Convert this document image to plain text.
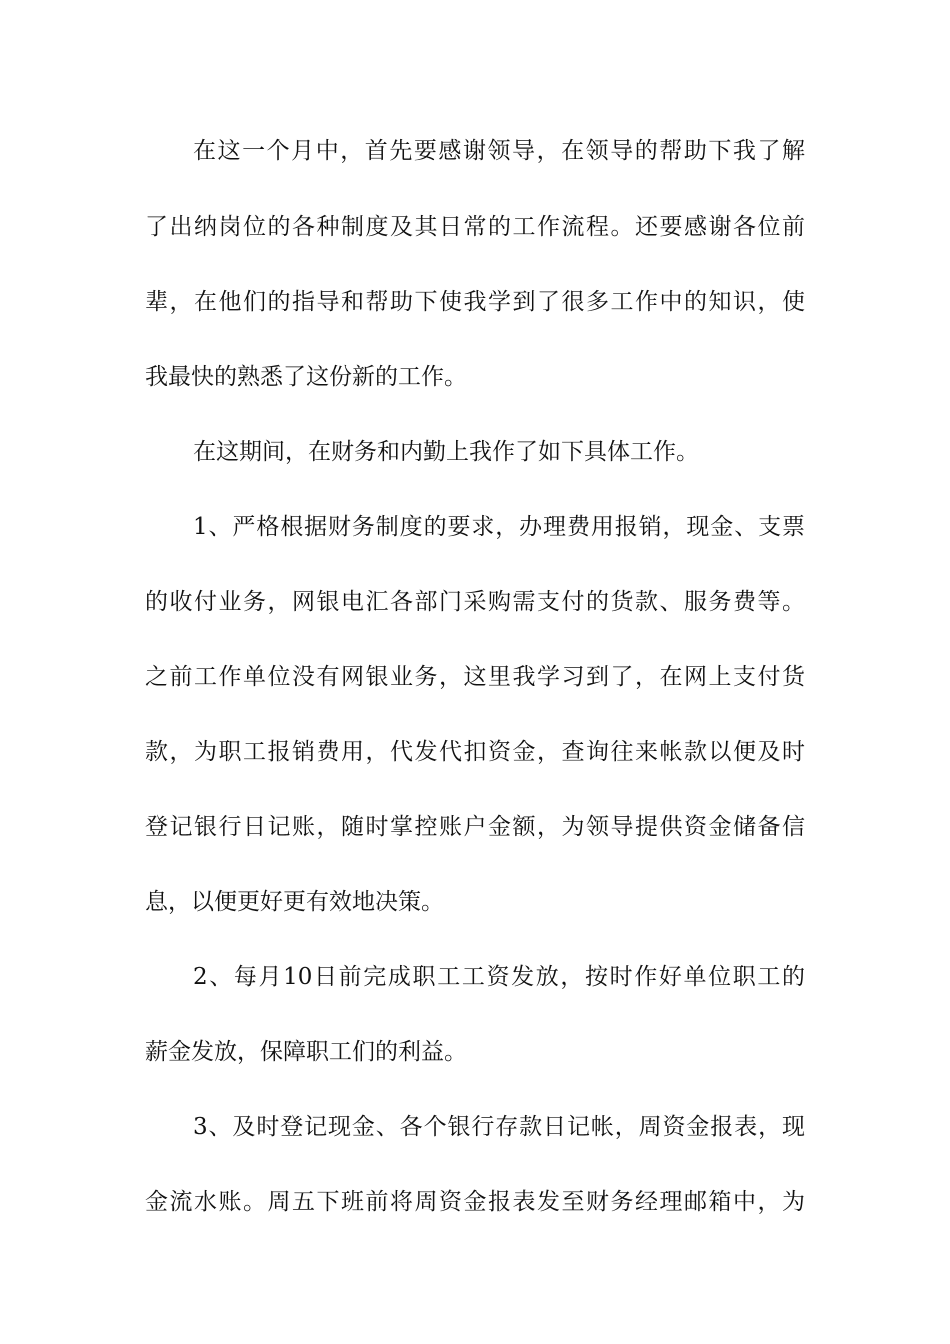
在这一个月中，首先要感谢领导，在领导的帮助下我了解
了出纳岗位的各种制度及其日常的工作流程。还要感谢各位前
辈，在他们的指导和帮助下使我学到了很多工作中的知识，使
我最快的熟悉了这份新的工作。
在这期间，在财务和内勤上我作了如下具体工作。
1、严格根据财务制度的要求，办理费用报销，现金、支票
的收付业务，网银电汇各部门采购需支付的货款、服务费等。
之前工作单位没有网银业务，这里我学习到了，在网上支付货
款，为职工报销费用，代发代扣资金，查询往来帐款以便及时
登记银行日记账，随时掌控账户金额，为领导提供资金储备信
息，以便更好更有效地决策。
2、每月10日前完成职工工资发放，按时作好单位职工的
薪金发放，保障职工们的利益。
3、及时登记现金、各个银行存款日记帐，周资金报表，现
金流水账。周五下班前将周资金报表发至财务经理邮箱中，为
